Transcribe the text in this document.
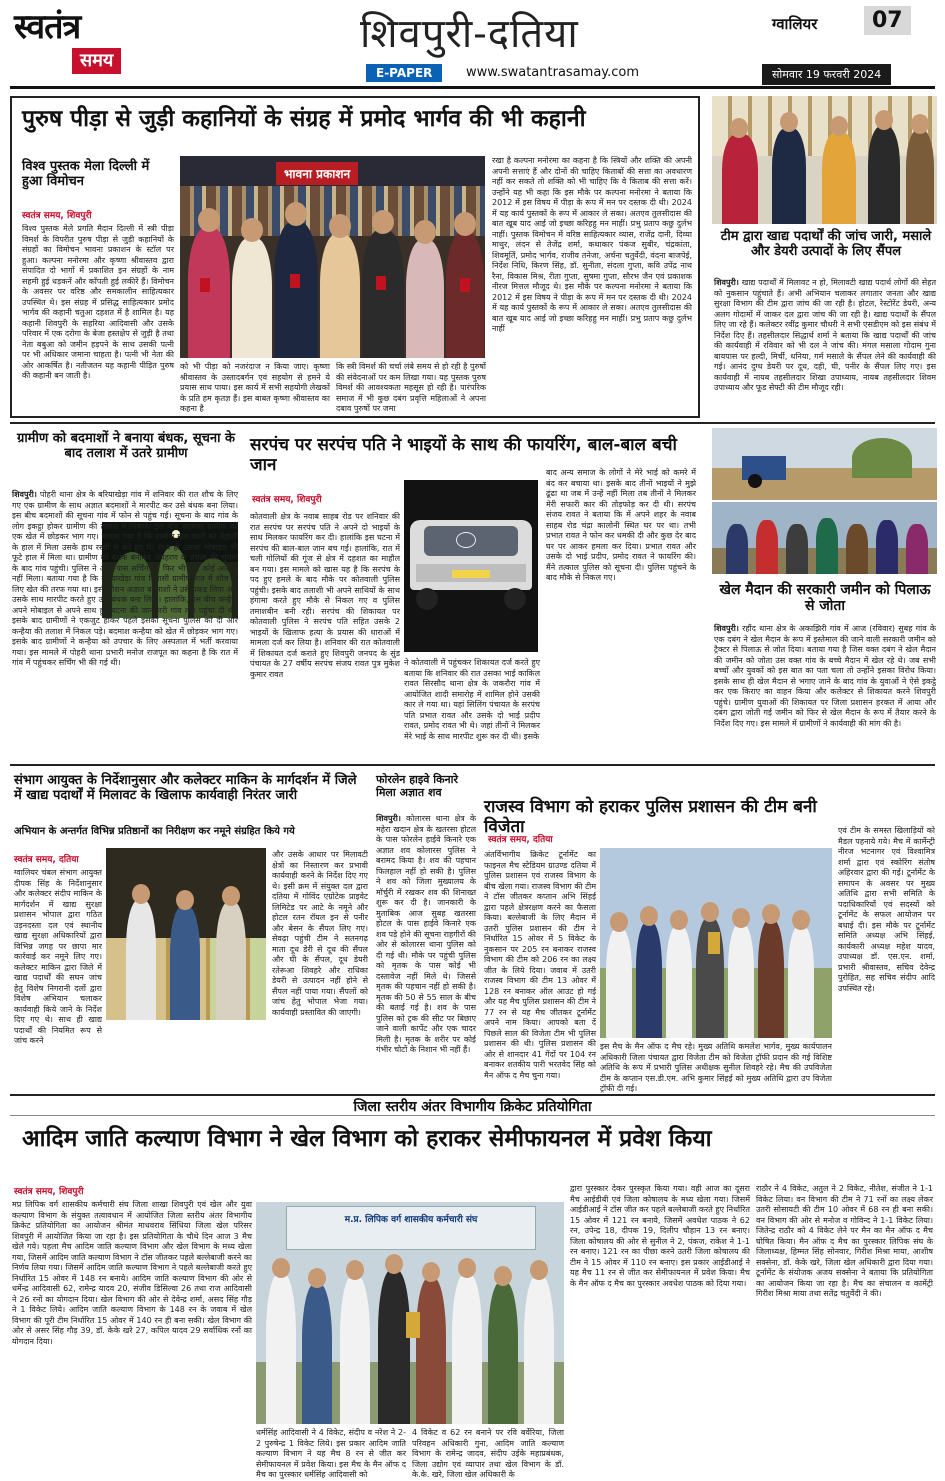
स्वतंत्र
समय
शिवपुरी-दतिया
E-PAPER	www.swatantrasamay.com
ग्वालियर	07
सोमवार 19 फरवरी 2024
पुरुष पीड़ा से जुड़ी कहानियों के संग्रह में प्रमोद भार्गव की भी कहानी
विश्व पुस्तक मेला दिल्ली में हुआ विमोचन
स्वतंत्र समय, शिवपुरी
विश्व पुस्तक मेले प्रगति मैदान दिल्ली में स्त्री पीड़ा विमर्श के विपरीत पुरुष पीड़ा से जुड़ी कहानियों के संग्रहों का विमोचन भावना प्रकाशन के स्टॉल पर हुआ। कल्पना मनोरमा और कृष्णा श्रीवास्तव द्वारा संपादित दो भागों में प्रकाशित इन संग्रहों के नाम सहमी हुई धड़कनें और काँपती हुई लकीरें हैं। विमोचन के अवसर पर वरिष्ठ और समकालीन साहित्यकार उपस्थित थे। इस संग्रह में प्रसिद्ध साहित्यकार प्रमोद भार्गव की कहानी चतुआ दहशत में है शामिल है। यह कहानी शिवपुरी के सहरिया आदिवासी और उसके परिवार में एक दरोगा के बेजा हस्तक्षेप से जुड़ी है तथा नेता बबुआ को जमीन हड़पने के साथ उसकी पत्नी पर भी अधिकार जमाना चाहता है। पत्नी भी नेता की ओर आकर्षित है। नतीजतन यह कहानी पीड़ित पुरुष की कहानी बन जाती है।
भावना प्रकाशन
को भी पीड़ा को नजरंदाज न किया जाए। कृष्णा श्रीवास्तव के उस्तादबर्गन एवं सहयोग से हमने ये प्रयास साथ पाया। इस कार्य में सभी सहयोगी लेखकों के प्रति हम कृतज्ञ हैं। इस बाबत कृष्णा श्रीवास्तव का कहना है
कि स्त्री विमर्श की चर्चा लंबे समय से हो रही है पुरुषों की संवेदनाओं पर कम लिखा गया। यह पुस्तक पुरुष विमर्श की आवश्यकता महसूस हो रही है। पारंपरिक समाज में भी कुछ दबंग प्रवृत्ति महिलाओं ने अपना दबाव पुरुषों पर जमा
रखा है कल्पना मनोरमा का कहना है कि स्त्रियों और शक्ति की अपनी अपनी सत्ताएं हैं और दोनों की चाहिए किताबों की सत्ता का अवधारण नहीं कर सकते तो शक्ति को भी चाहिए कि वे किताब की सत्ता करें। उन्होंने यह भी कहा कि इस मौके पर कल्पना मनोरमा ने बताया कि 2012 में इस विषय में पीड़ा के रूप में मन पर दस्तक दी थी। 2024 में यह कार्य पुस्तकों के रूप में आकार ले सका। अतएव तुलसीदास की बात खूब याद आई जो इच्छा करिहहु मन माहीं। प्रभु प्रताप कछु दुर्लभ नाहीं। पुस्तक विमोचन में वरिष्ठ साहित्यकार व्यास, राजेंद्र दानी, दिव्या माथुर, लंदन से तेजेंद्र शर्मा, कथाकार पंकज सुबीर, चंद्रकांता, शिवमूर्ति, प्रमोद भार्गव, राजीव तनेजा, अर्चना चतुर्वेदी, वंदना बाजपेई, निर्देश निधि, किरण सिंह, डॉ. सुनीता, संदला गुप्ता, कवि उपेंद्र नाथ रैना, विकास मिश्र, रीता गुप्ता, सुषमा गुप्ता, सौरभ जैन एवं प्रकाशक नीरज मित्तल मौजूद थे। इस मौके पर कल्पना मनोरमा ने बताया कि 2012 में इस विषय ने पीड़ा के रूप में मन पर दस्तक दी थी। 2024 में यह कार्य पुस्तकों के रूप में आकार ले सका। अतएव तुलसीदास की बात खूब याद आई जो इच्छा करिहहु मन माहीं। प्रभु प्रताप कछु दुर्लभ नाहीं
टीम द्वारा खाद्य पदार्थों की जांच जारी, मसाले और डेयरी उत्पादों के लिए सैंपल
शिवपुरी। खाद्य पदार्थों में मिलावट न हो, मिलावटी खाद्य पदार्थ लोगों की सेहत को नुकसान पहुंचाते हैं। अभी अभियान चलाकर लगातार जनता और खाद्य सुरक्षा विभाग की टीम द्वारा जांच की जा रही है। होटल, रेस्टोरेंट डेयरी, अन्य अलग गोदामों में जाकर दल द्वारा जांच की जा रही है। खाद्य पदार्थों के सैंपल लिए जा रहे हैं। कलेक्टर रवींद्र कुमार चौधरी ने सभी एसडीएम को इस संबंध में निर्देश दिए हैं। तहसीलदार सिद्धार्थ शर्मा ने बताया कि खाद्य पदार्थों की जांच की कार्यवाही में रविवार को भी दल ने जांच की। मंगल मसाला गोदाम गुना बायपास पर हल्दी, मिर्ची, धनिया, गर्म मसाले के सैंपल लेने की कार्यवाही की गई। आनंद दुग्ध डेयरी पर दूध, दही, घी, पनीर के सैंपल लिए गए। इस कार्यवाही में नायब तहसीलदार शिखा उपाध्याय, नायब तहसीलदार शिवम उपाध्याय और फूड सेफ्टी की टीम मौजूद रही।
ग्रामीण को बदमाशों ने बनाया बंधक, सूचना के बाद तलाश में उतरे ग्रामीण
शिवपुरी। पोहरी थाना क्षेत्र के बरियाखेड़ा गांव में शनिवार की रात शौच के लिए गए एक ग्रामीण के साथ अज्ञात बदमाशों ने मारपीट कर उसे बंधक बना लिया। इस बीच बदमाशों की सूचना गांव में फोन से पहुंच गई। सूचना के बाद गांव के लोग इकट्ठा होकर ग्रामीण की तलाश में निकले। इस बीच बदमाश ग्रामीण को एक खेत में छोड़कर भाग गए। बताया गया है कि ग्रामीण गांव वालों को बेहोशी के हाल में मिला उसके हाथ रस्सी से बंधे हुए थे। साथ ही उसका मोबाइल भी फूटे हाल में मिला था। ग्रामीण को बंधक बनाकर अपहरण के प्रयास की सूचना के बाद गांव पहुंची। पुलिस ने आस-पास सर्चिंग की फिर भी उन्हें कोई आरोपी नहीं मिला। बताया गया है कि बरियाखेड़ा गांव निवासी ग्रामीण रात में शौच के लिए खेत की तरफ गया था। इसी दौरान अज्ञात बदमाशों ने उसे पकड़ लिया और उसके साथ मारपीट करते हुए उसे बंधक बना लिया। हालांकि, इस बीच कन्हैया अपने मोबाइल से अपने साथ हुई घटना की जानकारी गांव तक पहुंचा दी थी। इसके बाद ग्रामीणों ने एकजुट होकर पहले इसकी सूचना पुलिस को दी और कन्हैया की तलाश में निकल पड़े। बदमाश कन्हैया को खेत में छोड़कर भाग गए। इसके बाद ग्रामीणों ने कन्हैया को उपचार के लिए अस्पताल में भर्ती करवाया गया। इस मामले में पोहरी थाना प्रभारी मनोज राजपूत का कहना है कि रात में गांव में पहुंचकर सर्चिंग भी की गई थी।
सरपंच पर सरपंच पति ने भाइयों के साथ की फायरिंग, बाल-बाल बची जान
स्वतंत्र समय, शिवपुरी
कोतवाली क्षेत्र के नवाब साहब रोड पर शनिवार की रात सरपंच पर सरपंच पति ने अपने दो भाइयों के साथ मिलकर फायरिंग कर दी। हालांकि इस घटना में सरपंच की बाल-बाल जान बच गई। हालांकि, रात में चली गोलियों की गूंज से क्षेत्र में दहशत का माहौल बन गया। इस मामले को खास यह है कि सरपंच के पद हुए हमले के बाद मौके पर कोतवाली पुलिस पहुंची। इसके बाद तलाशी भी अपने साथियों के साथ हंगामा करते हुए मौके से निकल गए व पुलिस तमाशबीन बनी रही। सरपंच की शिकायत पर कोतवाली पुलिस ने सरपंच पति सहित उसके 2 भाइयों के खिलाफ हत्या के प्रयास की धाराओं में मामला दर्ज कर लिया है। शनिवार की रात कोतवाली में शिकायत दर्ज कराते हुए शिवपुरी जनपद के सुंड पंचायत के 27 वर्षीय सरपंच संजय रावत पुत्र मुकेश कुमार रावत
ने कोतवाली में पहुंचकर शिकायत दर्ज करते हुए बताया कि शनिवार की रात उसका भाई काकिल रावत सिरसौद थाना क्षेत्र के जकरौरा गांव में आयोजित शादी समारोह में शामिल होने उसकी कार ले गया था। यहां सिलिंग पंचायत के सरपंच पति प्रभात रावत और उसके दो भाई प्रदीप रावत, प्रमोद रावत भी थे। जहां तीनों ने मिलकर मेरे भाई के साथ मारपीट शुरू कर दी थी। इसके
बाद अन्य समाज के लोगों ने मेरे भाई को कमरे में बंद कर बचाया था। इसके बाद तीनों भाइयों ने मुझे ढूंढा था जब में उन्हें नहीं मिला तब तीनों ने मिलकर मेरी सफारी कार की तोड़फोड़ कर दी थी। सरपंच संजय रावत ने बताया कि में अपने शहर के नवाब साहब रोड चंद्रा कालोनी स्थित घर पर था। तभी प्रभात रावत ने फोन कर धमकी दी और कुछ देर बाद घर पर आकर हमला कर दिया। प्रभात रावत और उसके दो भाई प्रदीप, प्रमोद रावत ने फायरिंग की। मैंने तत्काल पुलिस को सूचना दी। पुलिस पहुंचने के बाद मौके से निकल गए।
खेल मैदान की सरकारी जमीन को पिलाऊ से जोता
शिवपुरी। रहौंद थाना क्षेत्र के अकाझिरी गांव में आज (रविवार) सुबह गांव के एक दबंग ने खेल मैदान के रूप में इस्तेमाल की जाने वाली सरकारी जमीन को ट्रैक्टर से पिलाऊ से जोत दिया। बताया गया है जिस वक्त दबंग ने खेल मैदान की जमीन को जोता उस वक्त गांव के बच्चे मैदान में खेल रहे थे। जब सभी बच्चों और युवकों को इस बात का पता चला तो उन्होंने इसका विरोध किया। इसके साथ ही खेल मैदान से भगाए जाने के बाद गांव के युवाओं ने ऐसे इकट्ठे कर एक किराए का वाहन किया और कलेक्टर से शिकायत करने शिवपुरी पहुंचे। ग्रामीण युवाओं की शिकायत पर जिला प्रशासन हरकत में आया और दबंग द्वारा जोती गई जमीन को फिर से खेल मैदान के रूप में तैयार करने के निर्देश दिए गए। इस मामले में ग्रामीणों ने कार्यवाही की मांग की है।
संभाग आयुक्त के निर्देशानुसार और कलेक्टर माकिन के मार्गदर्शन में जिले में खाद्य पदार्थों में मिलावट के खिलाफ कार्यवाही निरंतर जारी
अभियान के अन्तर्गत विभिन्न प्रतिष्ठानों का निरीक्षण कर नमूने संग्रहित किये गये
स्वतंत्र समय, दतिया
ग्वालियर चंबल संभाग आयुक्त दीपक सिंह के निर्देशानुसार और कलेक्टर संदीप माकिन के मार्गदर्शन में खाद्य सुरक्षा प्रशासन भोपाल द्वारा गठित उड़नदस्ता दल एवं स्थानीय खाद्य सुरक्षा अधिकारियों द्वारा विभिन्न जगह पर छापा मार कार्रवाई कर नमूने लिए गए। कलेक्टर माकिन द्वारा जिले में खाद्य पदार्थों की सघन जांच हेतु विशेष निगरानी दलों द्वारा विशेष अभियान चलाकर कार्यवाही किये जाने के निर्देश दिए गए थे। साथ ही खाद्य पदार्थों की नियमित रूप से जांच करने
और उसके आधार पर मिलावटी क्षेत्रों का निस्तारण कर प्रभावी कार्यवाही करने के निर्देश दिए गए थे। इसी क्रम में संयुक्त दल द्वारा दतिया में गोविंद एग्रोटेक प्राइवेट लिमिटेड पर आटे के नमूने और होटल रतन रॉयल इन से पनीर और बेसन के सैंपल लिए गए। सेवढ़ा पहुंची टीम ने सतनगढ़ माता दूध डेरी से दूध की सैंपल और घी के सैंपल, दूध डेयरी रतेरूआ शिवहरे और राधिका डेयरी से उत्पादन नहीं होने से सैंपल नहीं पाया गया। सैंपलों को जांच हेतु भोपाल भेजा गया। कार्यवाही प्रस्तावित की जाएगी।
फोरलेन हाइवे किनारे मिला अज्ञात शव
शिवपुरी। कोलारस थाना क्षेत्र के महेरा खदान क्षेत्र के खतरसा होटल के पास फोरलेन हाईवे किनारे एक अज्ञात शव कोलारस पुलिस ने बरामद किया है। शव की पहचान फिलहाल नहीं हो सकी है। पुलिस ने शव को जिला मुख्यालय के मॉर्चुरी में रखकर शव की शिनाख्त शुरू कर दी है। जानकारी के मुताबिक आज सुबह खतरसा होटल के पास हाईवे किनारे एक शव पड़े होने की सूचना राहगीरों की ओर से कोलारस थाना पुलिस को दी गई थी। मौके पर पहुंची पुलिस को मृतक के पास कोई भी दस्तावेज नहीं मिले थे। जिससे मृतक की पहचान नहीं हो सकी है। मृतक की 50 से 55 साल के बीच की बताई गई है। शव के पास पुलिस को ट्रक की सीट पर बिछाए जाने वाली कार्पेट और एक चादर मिली है। मृतक के शरीर पर कोई गंभीर चोटों के निशान भी नहीं हैं।
राजस्व विभाग को हराकर पुलिस प्रशासन की टीम बनी विजेता
स्वतंत्र समय, दतिया
अंतर्विभागीय क्रिकेट टूर्नामेंट का फाइनल मैच स्टेडियम ग्राउण्ड दतिया में पुलिस प्रशासन एवं राजस्व विभाग के बीच खेला गया। राजस्व विभाग की टीम ने टॉस जीतकर कप्तान अभि सिंहई द्वारा पहले क्षेत्ररक्षण करने का फैसला किया। बल्लेबाजी के लिए मैदान में उतरी पुलिस प्रशासन की टीम ने निर्धारित 15 ओवर में 5 विकेट के नुकसान पर 205 रन बनाकर राजस्व विभाग की टीम को 206 रन का लक्ष्य जीत के लिये दिया। जवाब में उतरी राजस्व विभाग की टीम 13 ओवर में 128 रन बनाकर ऑल आउट हो गई और यह मैच पुलिस प्रशासन की टीम ने 77 रन से यह मैच जीतकर टूर्नामेंट अपने नाम किया। आपको बता दें पिछले साल की विजेता टीम भी पुलिस प्रशासन की थी। पुलिस प्रशासन की ओर से शानदार 41 गेंदों पर 104 रन बनाकर शतकीय पारी भरतवेद सिंह को मैन ऑफ द मैच चुना गया।
इस मैच के मैन ऑफ द मैच रहे। मुख्य अतिथि कमलेश भार्गव, मुख्य कार्यपालन अधिकारी जिला पंचायत द्वारा विजेता टीम को विजेता ट्रॉफी प्रदान की गई विशिष्ट अतिथि के रूप में प्रभारी पुलिस अधीक्षक सुनील शिवहरे रहे। मैच की उपविजेता टीम के कप्तान एस.डी.एम. अभि कुमार सिंहई को मुख्य अतिथि द्वारा उप विजेता ट्रॉफी दी गई।
एवं टीम के समस्त खिलाड़ियों को मैडल पहनाये गये। मैच में कार्मेन्ट्री नीरज भटनागर एवं विश्वामित्र शर्मा द्वारा एवं स्कोरिंग संतोष अहिरवार द्वारा की गई। टूर्नामेंट के समापन के अवसर पर मुख्य अतिथि द्वारा सभी समिति के पदाधिकारियों एवं सदस्यों को टूर्नामेंट के सफल आयोजन पर बधाई दी। इस मौके पर टूर्नामेंट समिति अध्यक्ष अभि सिंहई, कार्यकारी अध्यक्ष महेश यादव, उपाध्यक्ष डॉ. एस.एन. शर्मा, प्रभारी श्रीवास्तव, सचिव देवेन्द्र पुरोहित, सह सचिव संदीप आदि उपस्थित रहे।
जिला स्तरीय अंतर विभागीय क्रिकेट प्रतियोगिता
आदिम जाति कल्याण विभाग ने खेल विभाग को हराकर सेमीफायनल में प्रवेश किया
स्वतंत्र समय, शिवपुरी
मप्र लिपिक वर्ग शासकीय कर्मचारी संघ जिला शाखा शिवपुरी एवं खेल और युवा कल्याण विभाग के संयुक्त तत्वावधान में आयोजित जिला स्तरीय अंतर विभागीय क्रिकेट प्रतियोगिता का आयोजन श्रीमंत माधवराव सिंधिया जिला खेल परिसर शिवपुरी में आयोजित किया जा रहा है। इस प्रतियोगिता के चौथे दिन आज 3 मैच खेले गये। पहला मैच आदिम जाति कल्याण विभाग और खेल विभाग के मध्य खेला गया, जिसमें आदिम जाति कल्याण विभाग ने टॉस जीतकर पहले बल्लेबाजी करने का निर्णय लिया गया। जिसमें आदिम जाति कल्याण विभाग ने पहले बल्लेबाजी करते हुए निर्धारित 15 ओवर में 148 रन बनाये। आदिम जाति कल्याण विभाग की ओर से धर्मेन्द्र आदिवासी 62, रामेन्द्र यादव 20, संजीव डिसिल्वा 26 तथा राज आदिवासी ने 26 रनों का योगदान दिया। खेल विभाग की ओर से देवेन्द्र शर्मा, असद सिंह गौड़ ने 1 विकेट लिये। आदिम जाति कल्याण विभाग के 148 रन के जवाब में खेल विभाग की पूरी टीम निर्धारित 15 ओवर में 140 रन ही बना सकी। खेल विभाग की ओर से असर सिंह गौड़ 39, डॉ. केके खरे 27, कपिल यादव 29 सर्वाधिक रनों का योगदान दिया।
म.प्र. लिपिक वर्ग शासकीय कर्मचारी संघ
धर्मसिंह आदिवासी ने 4 विकेट, संदीप व नरेश ने 2-2 पुरुषेन्द्र 1 विकेट लिये। इस प्रकार आदिम जाति कल्याण विभाग ने यह मैच 8 रन से जीत कर सेमीफायनल में प्रवेश किया। इस मैच के मैन ऑफ द मैच का पुरस्कार धर्मसिंह आदिवासी को
4 विकेट व 62 रन बनाने पर रवि बर्वेरिया, जिला परिवहन अधिकारी गुना, आदिम जाति कल्याण विभाग के रामेन्द्र जादव, संदीप उईके महाप्रबंधक, जिला उद्योग एवं व्यापार तथा खेल विभाग के डॉ. के.के. खरे, जिला खेल अधिकारी के
द्वारा पुरस्कार देकर पुरस्कृत किया गया। वही आज का दूसरा मैच आईडीबी एवं जिला कोषालय के मध्य खेला गया। जिसमें आईडीआई ने टॉस जीत कर पहले बल्लेबाजी करते हुए निर्धारित 15 ओवर में 121 रन बनाये, जिसमें अवधेश पाठक ने 62 रन, उपेन्द्र 18, दीपक 19, दिलीप चौहान 13 रन बनाए। जिला कोषालय की ओर से सुनील ने 2, पंकज, राकेश ने 1-1 रन बनाए। 121 रन का पीछा करने उतरी जिला कोषालय की टीम ने 15 ओवर में 110 रन बनाए। इस प्रकार आईडीआई ने यह मैच 11 रन से जीत कर सेमीफायनल में प्रवेश किया। मैच के मैन ऑफ द मैच का पुरस्कार अवधेश पाठक को दिया गया।
राठौर ने 4 विकेट, अतुल ने 2 विकेट, नीतेश, संजीत ने 1-1 विकेट लिया। वन विभाग की टीम ने 71 रनों का लक्ष्य लेकर उतरी सोसायटी की टीम 10 ओवर में 68 रन ही बना सकी। वन विभाग की ओर से मनोज व गोविन्द ने 1-1 विकेट लिया। जितेन्द्र राठौर को 4 विकेट लेने पर मैन का मैन ऑफ द मैच घोषित किया। मैन ऑफ द मैच का पुरस्कार लिपिक संघ के जिलाध्यक्ष, हिम्मत सिंह सोनवार, गिरीश मिश्रा माया, आशीष सक्सेना, डॉ. केके खरे, जिला खेल अधिकारी द्वारा दिया गया। टूर्नामेंट के संयोजक अजय सक्सेना ने बताया कि प्रतियोगिता का आयोजन किया जा रहा है। मैच का संचालन व कामेंट्री गिरीश मिश्रा माया तथा सतेंद्र चतुर्वेदी ने की।
